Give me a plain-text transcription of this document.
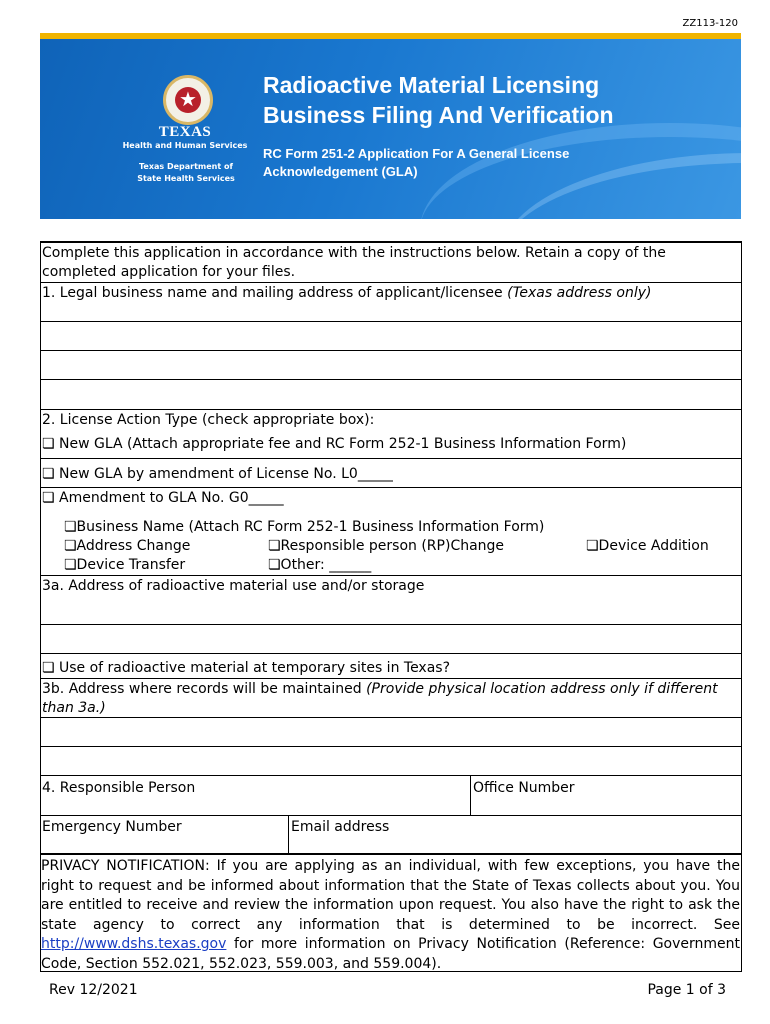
ZZ113-120
★
TEXAS
Health and Human Services
Texas Department of State Health Services
Radioactive Material Licensing
Business Filing And Verification
RC Form 251-2 Application For A General License
Acknowledgement (GLA)
Complete this application in accordance with the instructions below. Retain a copy of the completed application for your files.
1. Legal business name and mailing address of applicant/licensee (Texas address only)
2. License Action Type (check appropriate box):
❏ New GLA (Attach appropriate fee and RC Form 252-1 Business Information Form)
❏ New GLA by amendment of License No. L0_____
❏ Amendment to GLA No. G0_____
❏Business Name (Attach RC Form 252-1 Business Information Form)
❏Address Change	❏Responsible person (RP)Change	❏Device Addition
❏Device Transfer	❏Other: ______
3a. Address of radioactive material use and/or storage
❏ Use of radioactive material at temporary sites in Texas?
3b. Address where records will be maintained (Provide physical location address only if different than 3a.)
4. Responsible Person	Office Number
Emergency Number	Email address
PRIVACY NOTIFICATION: If you are applying as an individual, with few exceptions, you have the right to request and be informed about information that the State of Texas collects about you. You are entitled to receive and review the information upon request. You also have the right to ask the state agency to correct any information that is determined to be incorrect. See http://www.dshs.texas.gov for more information on Privacy Notification (Reference: Government Code, Section 552.021, 552.023, 559.003, and 559.004).
Rev 12/2021	Page 1 of 3
